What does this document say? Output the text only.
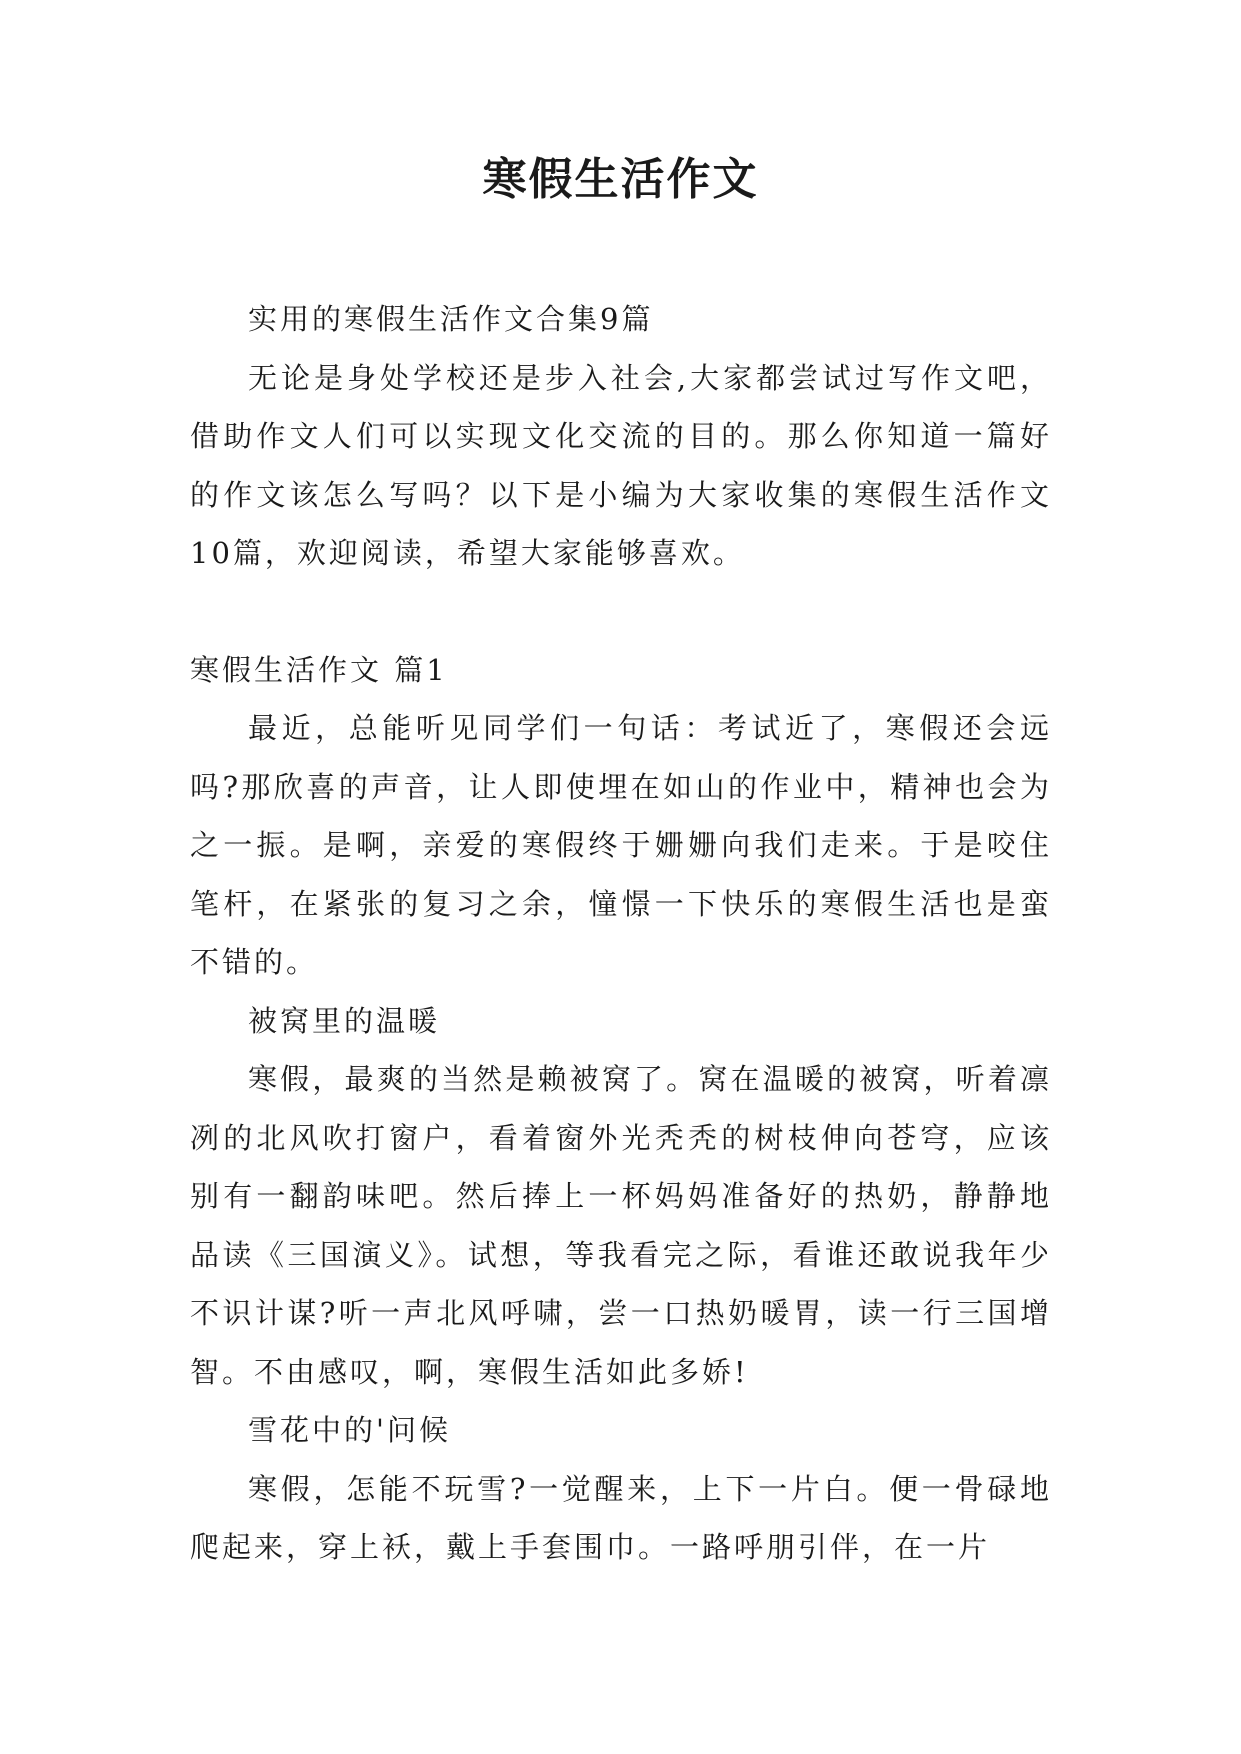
寒假生活作文

实用的寒假生活作文合集9篇

无论是身处学校还是步入社会,大家都尝试过写作文吧，借助作文人们可以实现文化交流的目的。那么你知道一篇好的作文该怎么写吗？以下是小编为大家收集的寒假生活作文10篇，欢迎阅读，希望大家能够喜欢。

寒假生活作文 篇1

最近，总能听见同学们一句话：考试近了，寒假还会远吗?那欣喜的声音，让人即使埋在如山的作业中，精神也会为之一振。是啊，亲爱的寒假终于姗姗向我们走来。于是咬住笔杆，在紧张的复习之余，憧憬一下快乐的寒假生活也是蛮不错的。

被窝里的温暖

寒假，最爽的当然是赖被窝了。窝在温暖的被窝，听着凛冽的北风吹打窗户，看着窗外光秃秃的树枝伸向苍穹，应该别有一翻韵味吧。然后捧上一杯妈妈准备好的热奶，静静地品读《三国演义》。试想，等我看完之际，看谁还敢说我年少不识计谋?听一声北风呼啸，尝一口热奶暖胃，读一行三国增智。不由感叹，啊，寒假生活如此多娇!

雪花中的'问候

寒假，怎能不玩雪?一觉醒来，上下一片白。便一骨碌地爬起来，穿上袄，戴上手套围巾。一路呼朋引伴，在一片
